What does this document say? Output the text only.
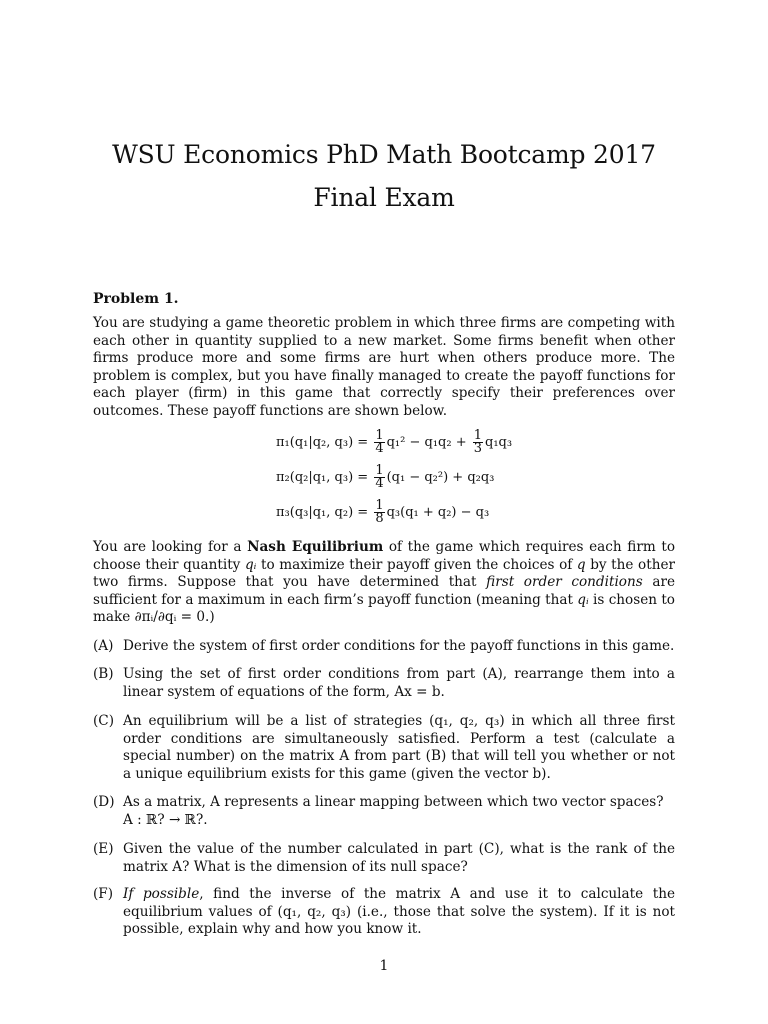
WSU Economics PhD Math Bootcamp 2017
Final Exam
Problem 1.
You are studying a game theoretic problem in which three firms are competing with each other in quantity supplied to a new market. Some firms benefit when other firms produce more and some firms are hurt when others produce more. The problem is complex, but you have finally managed to create the payoff functions for each player (firm) in this game that correctly specify their preferences over outcomes. These payoff functions are shown below.
π₁(q₁|q₂, $q_3) = \frac{1}{4} q_1^2 - q_1q_2 + \frac{1}{3} q_1q_3$
π₂(q₂|q₁, $q_3) = \frac{1}{4} (q_1 - q_2^2) + q_2q_3$
π₃(q₃|q₁, $q_2) = \frac{1}{8} q_3(q_1 + q_2) - q_3$
You are looking for a Nash Equilibrium of the game which requires each firm to choose their quantity qᵢ to maximize their payoff given the choices of q by the other two firms. Suppose that you have determined that first order conditions are sufficient for a maximum in each firm’s payoff function (meaning that qᵢ is chosen to make ∂πᵢ/∂qᵢ = 0.)
(A) Derive the system of first order conditions for the payoff functions in this game.
(B) Using the set of first order conditions from part (A), rearrange them into a linear system of equations of the form, Ax = b.
(C) An equilibrium will be a list of strategies (q₁, q₂, q₃) in which all three first order conditions are simultaneously satisfied. Perform a test (calculate a special number) on the matrix A from part (B) that will tell you whether or not a unique equilibrium exists for this game (given the vector b).
(D) As a matrix, A represents a linear mapping between which two vector spaces?
A : ℝ? → ℝ?.
(E) Given the value of the number calculated in part (C), what is the rank of the matrix A? What is the dimension of its null space?
(F) If possible, find the inverse of the matrix A and use it to calculate the equilibrium values of (q₁, q₂, q₃) (i.e., those that solve the system). If it is not possible, explain why and how you know it.
1
